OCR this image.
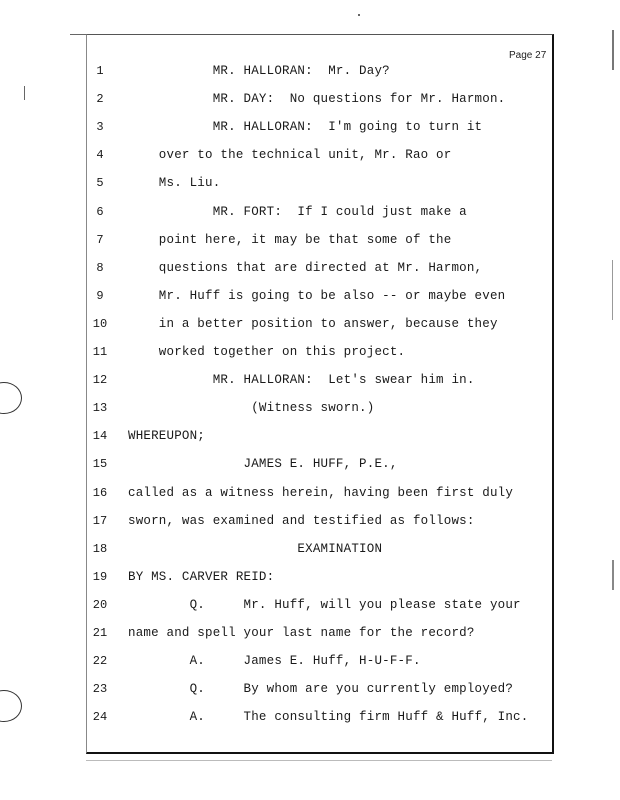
Page 27
1	MR. HALLORAN:  Mr. Day?
2	MR. DAY:  No questions for Mr. Harmon.
3	MR. HALLORAN:  I'm going to turn it
4	over to the technical unit, Mr. Rao or
5	Ms. Liu.
6	MR. FORT:  If I could just make a
7	point here, it may be that some of the
8	questions that are directed at Mr. Harmon,
9	Mr. Huff is going to be also -- or maybe even
10 in a better position to answer, because they
11 worked together on this project.
12 MR. HALLORAN:  Let's swear him in.
13 (Witness sworn.)
14 WHEREUPON;
15 JAMES E. HUFF, P.E.,
16 called as a witness herein, having been first duly
17 sworn, was examined and testified as follows:
18 EXAMINATION
19 BY MS. CARVER REID:
20 Q.     Mr. Huff, will you please state your
21 name and spell your last name for the record?
22 A.     James E. Huff, H-U-F-F.
23 Q.     By whom are you currently employed?
24 A.     The consulting firm Huff & Huff, Inc.
